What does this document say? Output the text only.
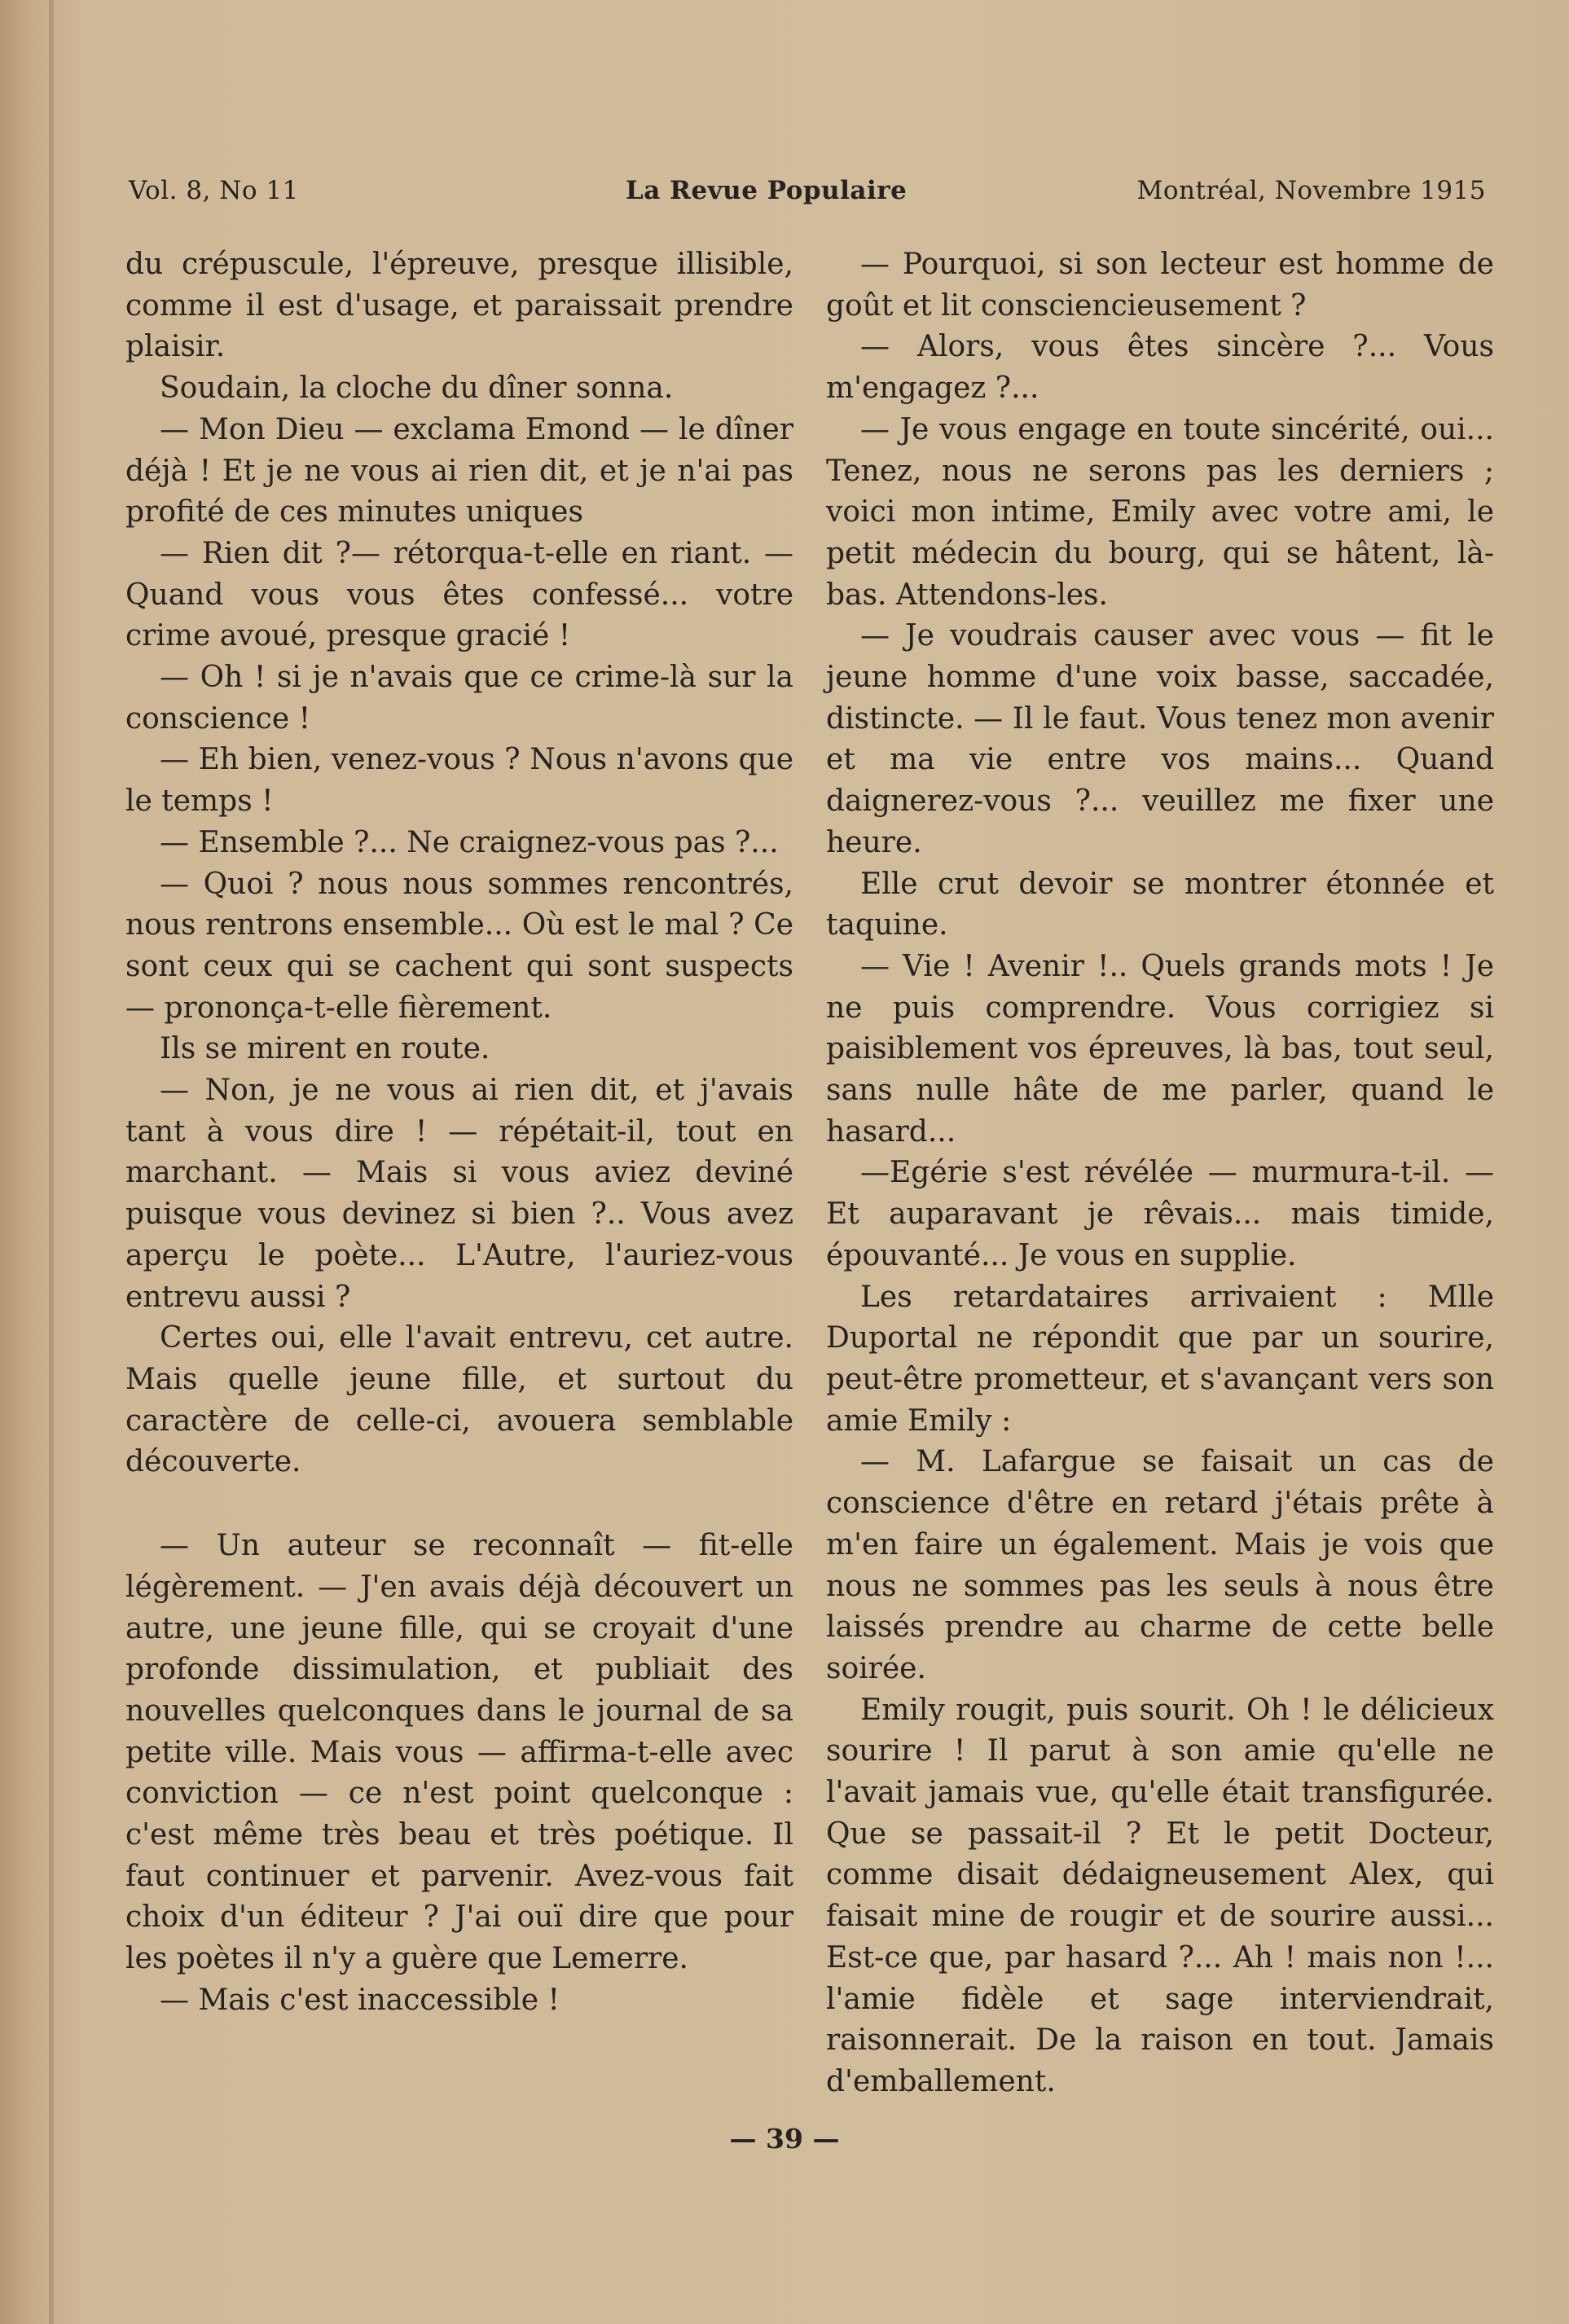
Vol. 8, No 11	La Revue Populaire	Montréal, Novembre 1915

du crépuscule, l'épreuve, presque illisible, comme il est d'usage, et paraissait prendre plaisir.

Soudain, la cloche du dîner sonna.

— Mon Dieu — exclama Emond — le dîner déjà ! Et je ne vous ai rien dit, et je n'ai pas profité de ces minutes uniques

— Rien dit ?— rétorqua-t-elle en riant. — Quand vous vous êtes confessé... votre crime avoué, presque gracié !

— Oh ! si je n'avais que ce crime-là sur la conscience !

— Eh bien, venez-vous ? Nous n'avons que le temps !

— Ensemble ?... Ne craignez-vous pas ?...

— Quoi ? nous nous sommes rencontrés, nous rentrons ensemble... Où est le mal ? Ce sont ceux qui se cachent qui sont suspects — prononça-t-elle fièrement.

Ils se mirent en route.

— Non, je ne vous ai rien dit, et j'avais tant à vous dire ! — répétait-il, tout en marchant. — Mais si vous aviez deviné puisque vous devinez si bien ?.. Vous avez aperçu le poète... L'Autre, l'auriez-vous entrevu aussi ?

Certes oui, elle l'avait entrevu, cet autre. Mais quelle jeune fille, et surtout du caractère de celle-ci, avouera semblable découverte.

— Un auteur se reconnaît — fit-elle légèrement. — J'en avais déjà découvert un autre, une jeune fille, qui se croyait d'une profonde dissimulation, et publiait des nouvelles quelconques dans le journal de sa petite ville. Mais vous — affirma-t-elle avec conviction — ce n'est point quelconque : c'est même très beau et très poétique. Il faut continuer et parvenir. Avez-vous fait choix d'un éditeur ? J'ai ouï dire que pour les poètes il n'y a guère que Lemerre.

— Mais c'est inaccessible !

— Pourquoi, si son lecteur est homme de goût et lit consciencieusement ?

— Alors, vous êtes sincère ?... Vous m'engagez ?...

— Je vous engage en toute sincérité, oui... Tenez, nous ne serons pas les derniers ; voici mon intime, Emily avec votre ami, le petit médecin du bourg, qui se hâtent, là-bas. Attendons-les.

— Je voudrais causer avec vous — fit le jeune homme d'une voix basse, saccadée, distincte. — Il le faut. Vous tenez mon avenir et ma vie entre vos mains... Quand daignerez-vous ?... veuillez me fixer une heure.

Elle crut devoir se montrer étonnée et taquine.

— Vie ! Avenir !.. Quels grands mots ! Je ne puis comprendre. Vous corrigiez si paisiblement vos épreuves, là bas, tout seul, sans nulle hâte de me parler, quand le hasard...

—Egérie s'est révélée — murmura-t-il. — Et auparavant je rêvais... mais timide, épouvanté... Je vous en supplie.

Les retardataires arrivaient : Mlle Duportal ne répondit que par un sourire, peut-être prometteur, et s'avançant vers son amie Emily :

— M. Lafargue se faisait un cas de conscience d'être en retard j'étais prête à m'en faire un également. Mais je vois que nous ne sommes pas les seuls à nous être laissés prendre au charme de cette belle soirée.

Emily rougit, puis sourit. Oh ! le délicieux sourire ! Il parut à son amie qu'elle ne l'avait jamais vue, qu'elle était transfigurée. Que se passait-il ? Et le petit Docteur, comme disait dédaigneusement Alex, qui faisait mine de rougir et de sourire aussi... Est-ce que, par hasard ?... Ah ! mais non !... l'amie fidèle et sage interviendrait, raisonnerait. De la raison en tout. Jamais d'emballement.

— 39 —
